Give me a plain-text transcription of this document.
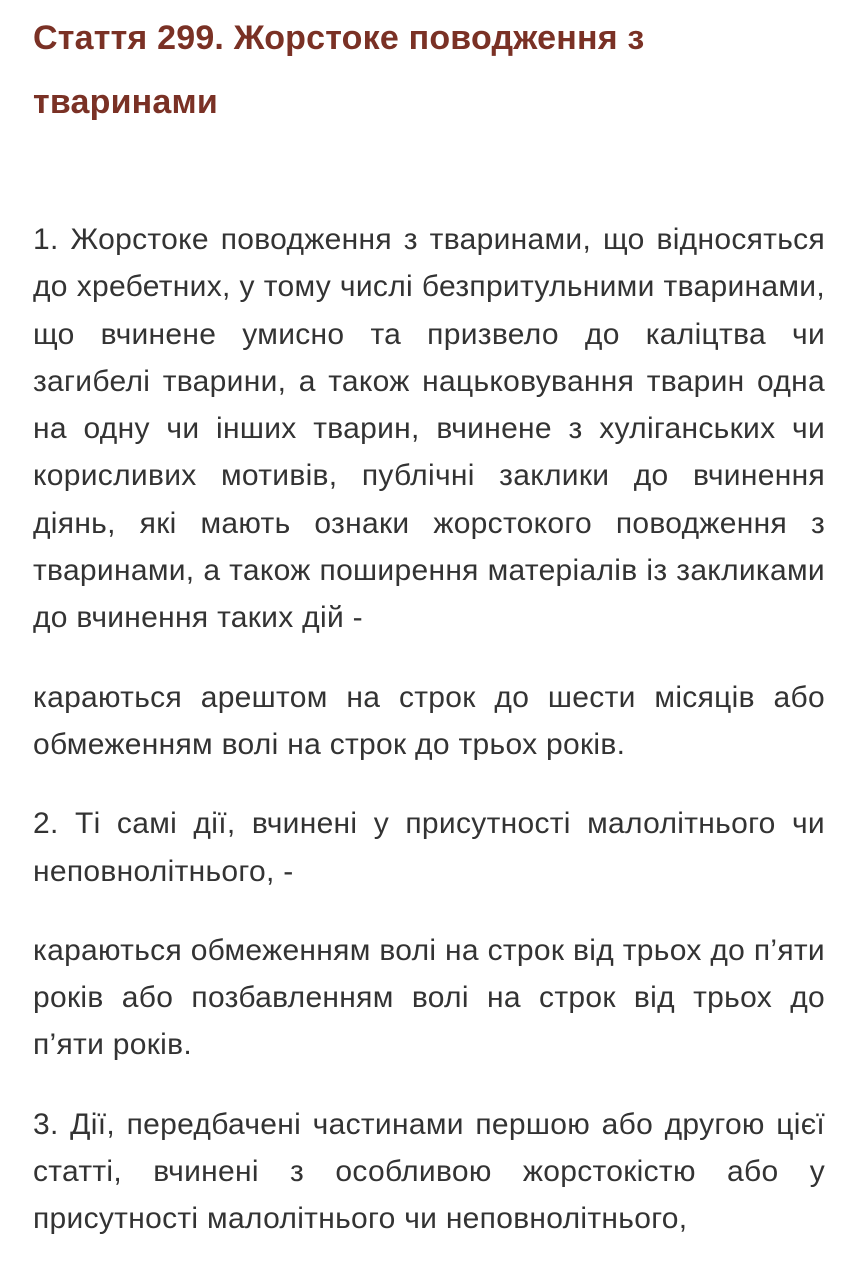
Стаття 299. Жорстоке поводження з тваринами

1. Жорстоке поводження з тваринами, що відносяться до хребетних, у тому числі безпритульними тваринами, що вчинене умисно та призвело до каліцтва чи загибелі тварини, а також нацьковування тварин одна на одну чи інших тварин, вчинене з хуліганських чи корисливих мотивів, публічні заклики до вчинення діянь, які мають ознаки жорстокого поводження з тваринами, а також поширення матеріалів із закликами до вчинення таких дій -

караються арештом на строк до шести місяців або обмеженням волі на строк до трьох років.

2. Ті самі дії, вчинені у присутності малолітнього чи неповнолітнього, -

караються обмеженням волі на строк від трьох до п’яти років або позбавленням волі на строк від трьох до п’яти років.

3. Дії, передбачені частинами першою або другою цієї статті, вчинені з особливою жорстокістю або у присутності малолітнього чи неповнолітнього,
